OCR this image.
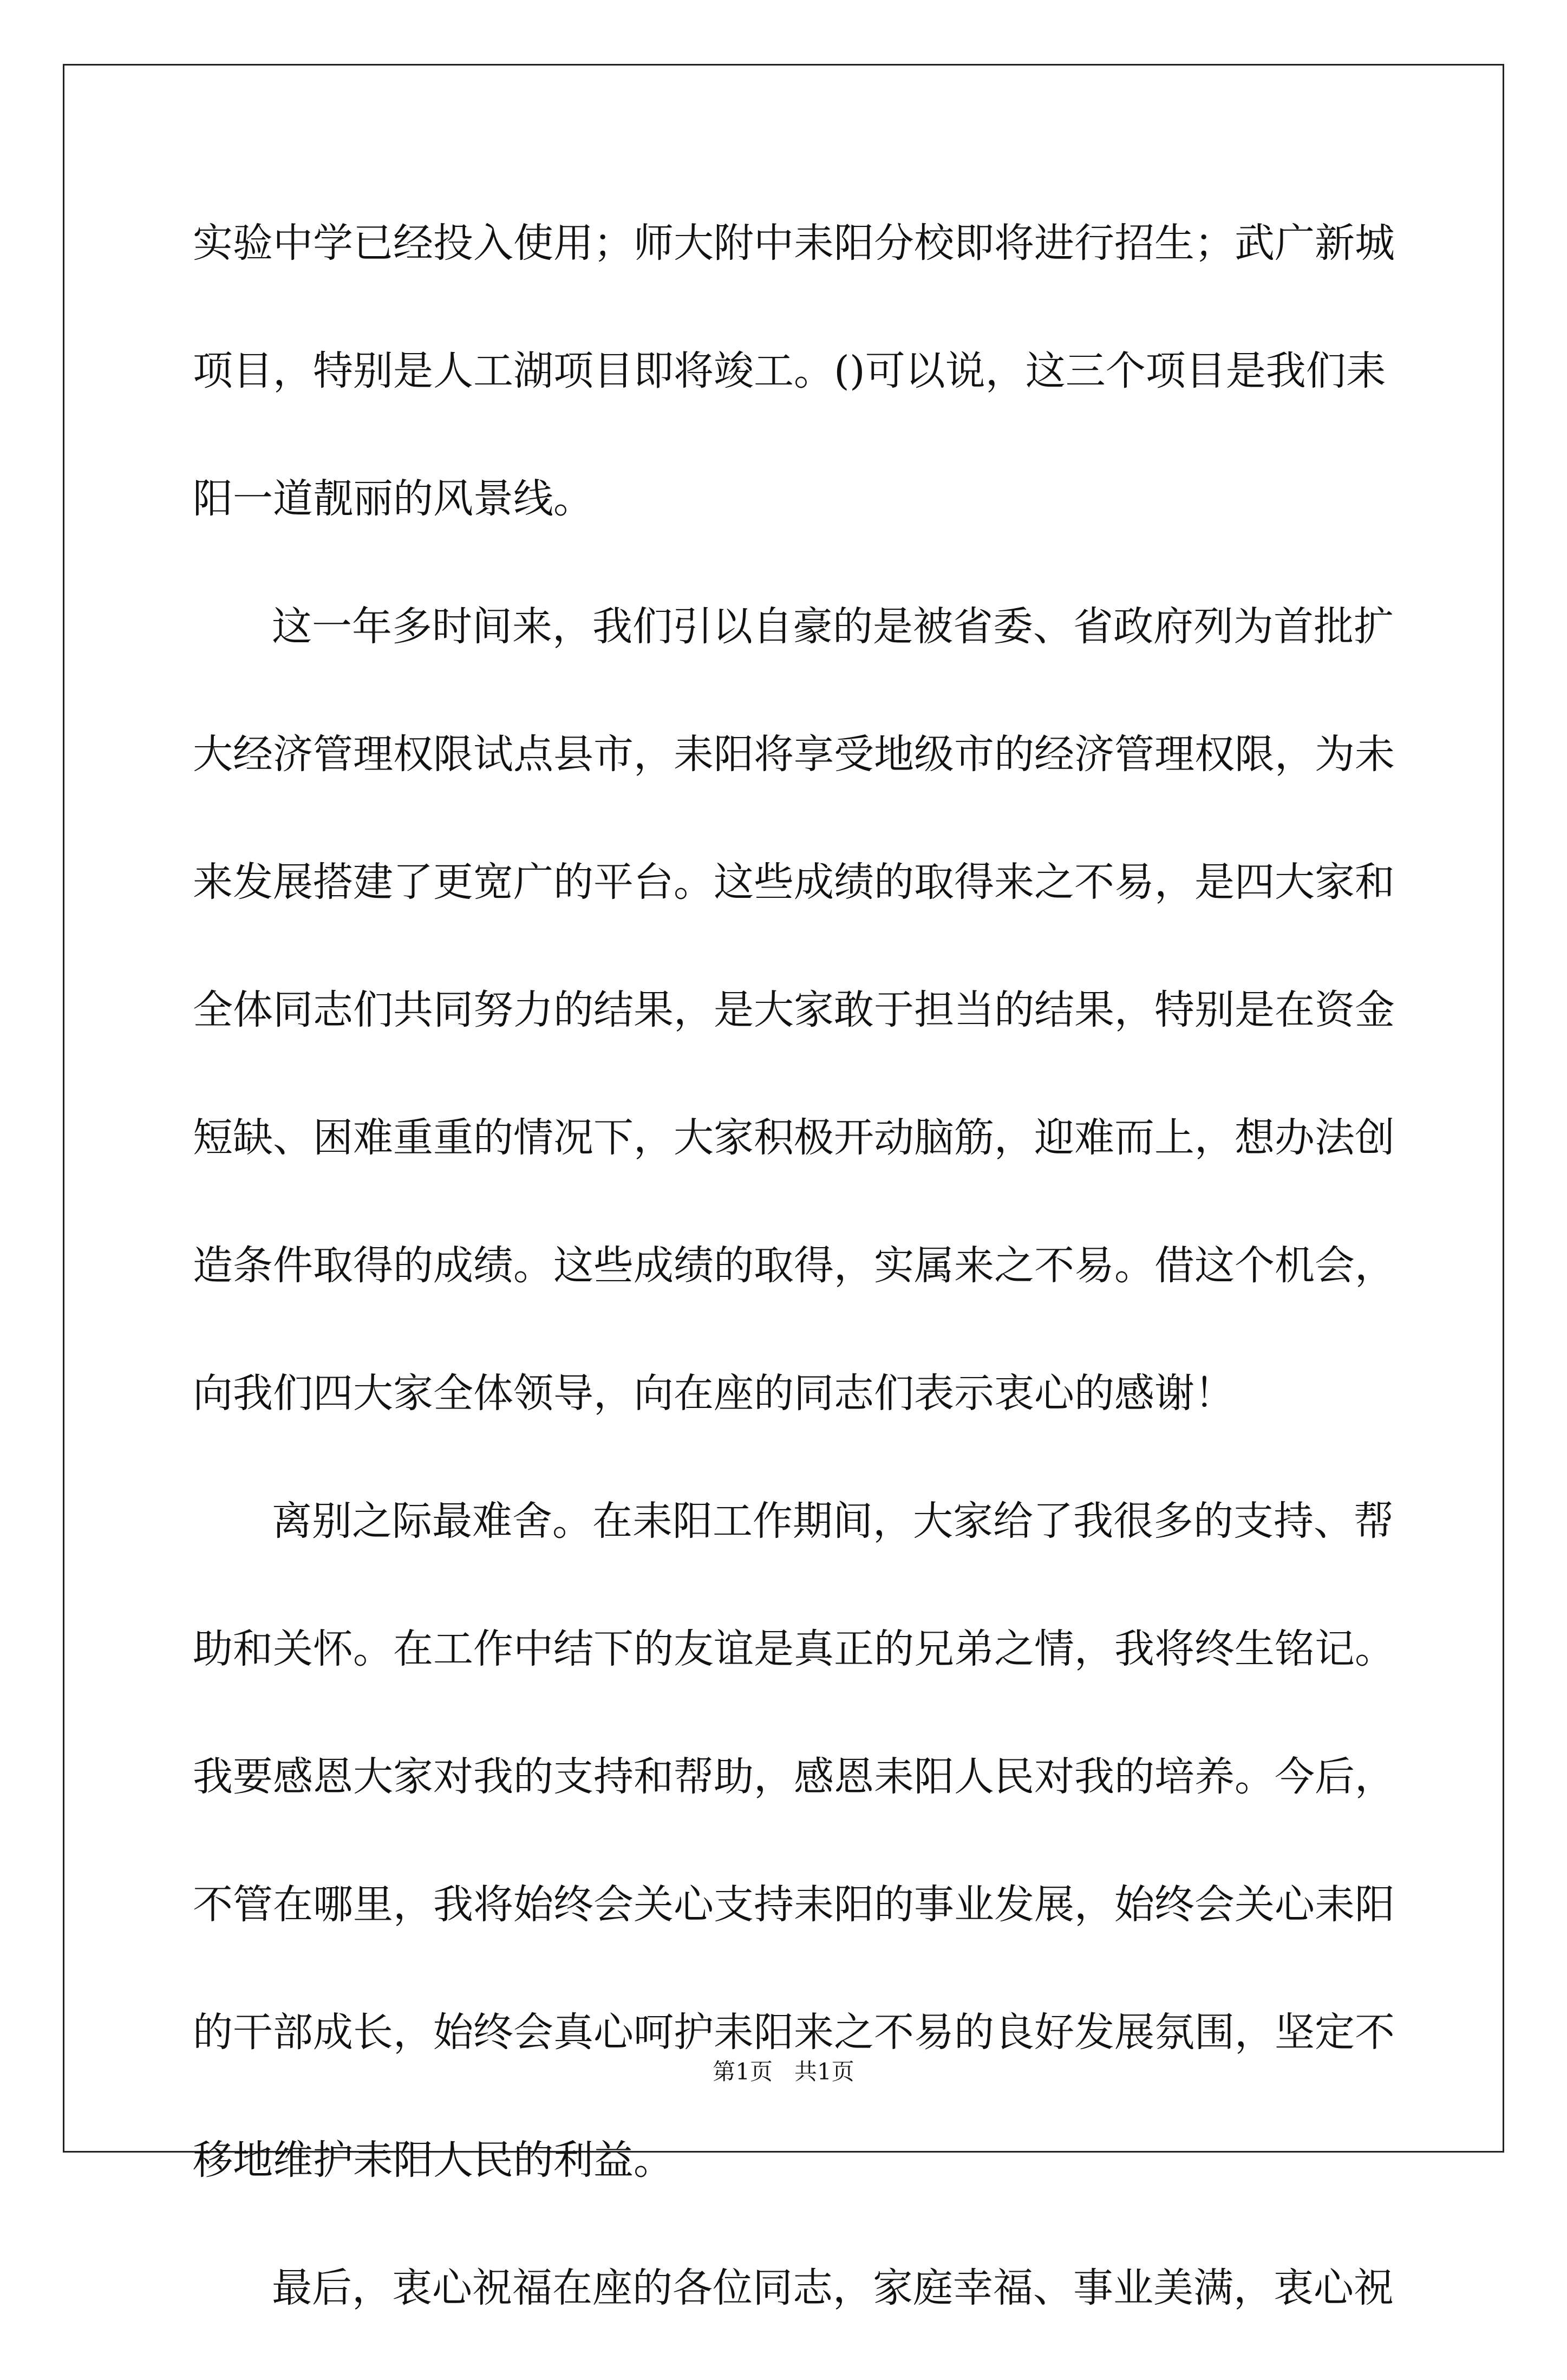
实验中学已经投入使用；师大附中耒阳分校即将进行招生；武广新城
项目，特别是人工湖项目即将竣工。()可以说，这三个项目是我们耒
阳一道靓丽的风景线。
这一年多时间来，我们引以自豪的是被省委、省政府列为首批扩
大经济管理权限试点县市，耒阳将享受地级市的经济管理权限，为未
来发展搭建了更宽广的平台。这些成绩的取得来之不易，是四大家和
全体同志们共同努力的结果，是大家敢于担当的结果，特别是在资金
短缺、困难重重的情况下，大家积极开动脑筋，迎难而上，想办法创
造条件取得的成绩。这些成绩的取得，实属来之不易。借这个机会，
向我们四大家全体领导，向在座的同志们表示衷心的感谢！
离别之际最难舍。在耒阳工作期间，大家给了我很多的支持、帮
助和关怀。在工作中结下的友谊是真正的兄弟之情，我将终生铭记。
我要感恩大家对我的支持和帮助，感恩耒阳人民对我的培养。今后，
不管在哪里，我将始终会关心支持耒阳的事业发展，始终会关心耒阳
的干部成长，始终会真心呵护耒阳来之不易的良好发展氛围，坚定不
移地维护耒阳人民的利益。
最后，衷心祝福在座的各位同志，家庭幸福、事业美满，衷心祝
第1页 共1页
